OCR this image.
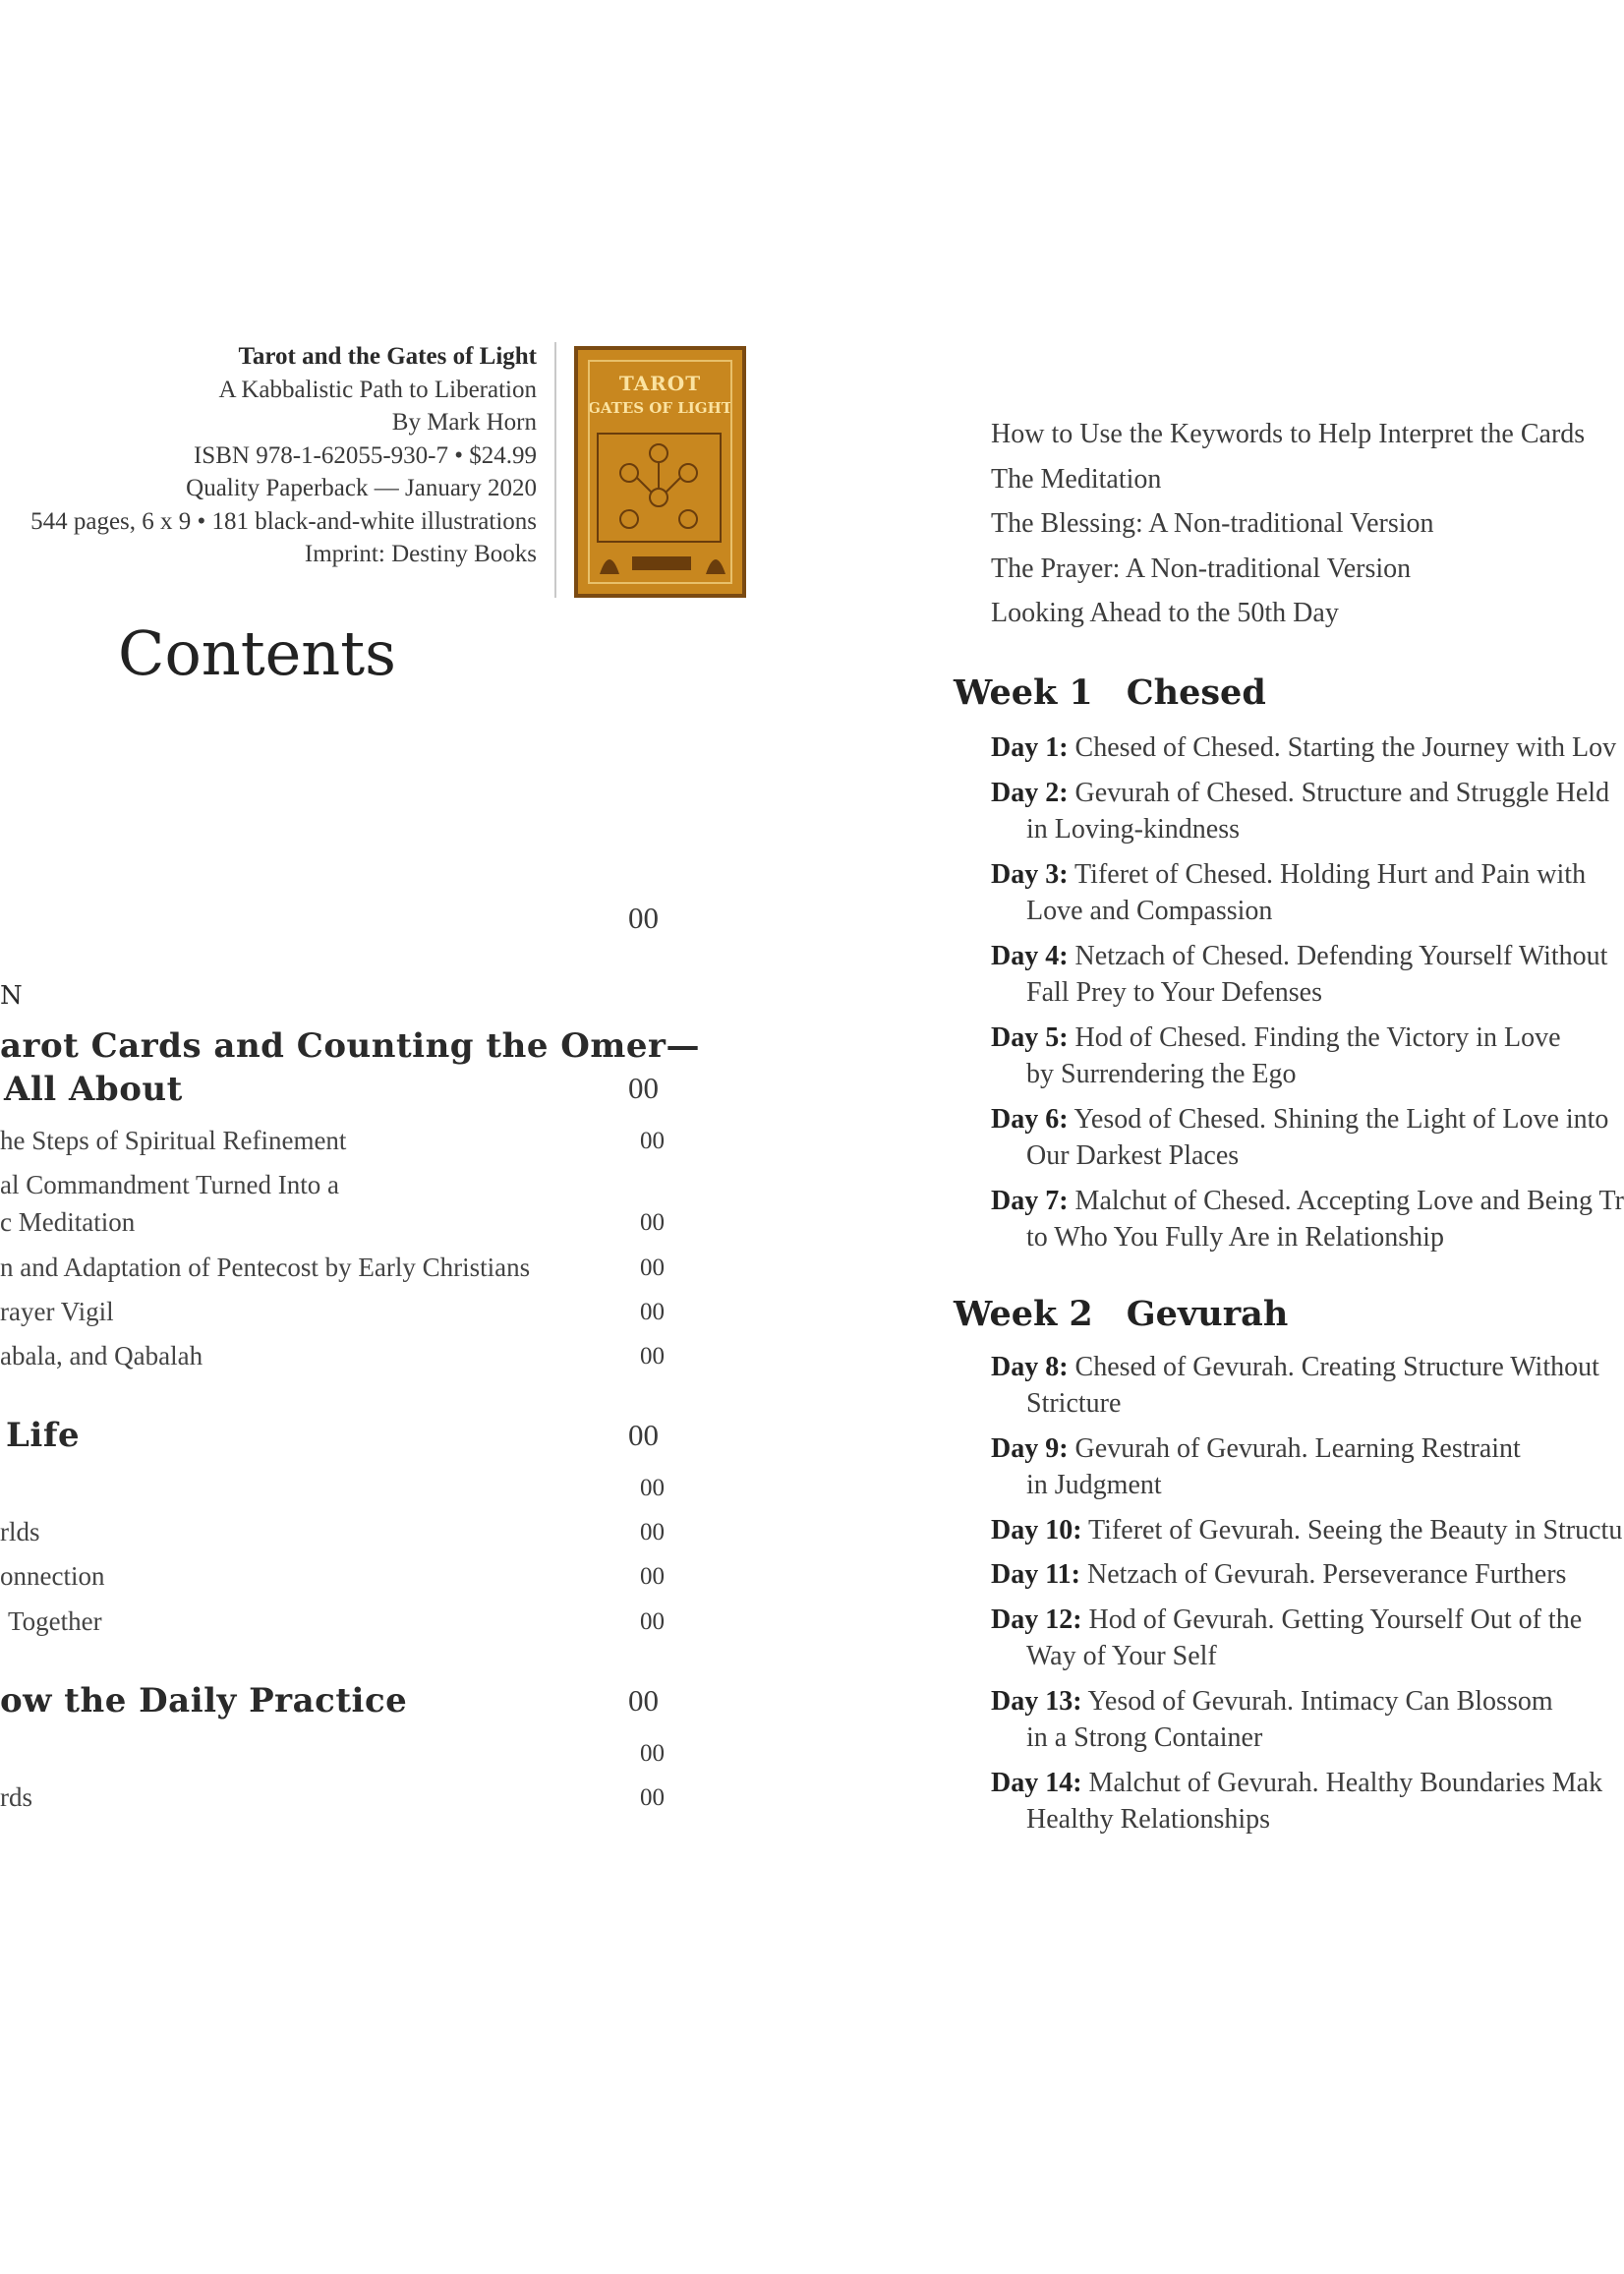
Tarot and the Gates of Light
A Kabbalistic Path to Liberation
By Mark Horn
ISBN 978-1-62055-930-7 • $24.99
Quality Paperback — January 2020
544 pages, 6 x 9 • 181 black-and-white illustrations
Imprint: Destiny Books
TAROT
GATES OF LIGHT
Contents
00
N
arot Cards and Counting the Omer—
All About	00
he Steps of Spiritual Refinement	00
al Commandment Turned Into a
c Meditation	00
n and Adaptation of Pentecost by Early Christians	00
rayer Vigil	00
abala, and Qabalah	00
Life	00
00
rlds	00
onnection	00
Together	00
ow the Daily Practice	00
00
rds	00
How to Use the Keywords to Help Interpret the Cards
The Meditation
The Blessing: A Non-traditional Version
The Prayer: A Non-traditional Version
Looking Ahead to the 50th Day
Week 1 Chesed
Day 1: Chesed of Chesed. Starting the Journey with Lov
Day 2: Gevurah of Chesed. Structure and Struggle Held
in Loving-kindness
Day 3: Tiferet of Chesed. Holding Hurt and Pain with
Love and Compassion
Day 4: Netzach of Chesed. Defending Yourself Without
Fall Prey to Your Defenses
Day 5: Hod of Chesed. Finding the Victory in Love
by Surrendering the Ego
Day 6: Yesod of Chesed. Shining the Light of Love into
Our Darkest Places
Day 7: Malchut of Chesed. Accepting Love and Being Tr
to Who You Fully Are in Relationship
Week 2 Gevurah
Day 8: Chesed of Gevurah. Creating Structure Without
Stricture
Day 9: Gevurah of Gevurah. Learning Restraint
in Judgment
Day 10: Tiferet of Gevurah. Seeing the Beauty in Structu
Day 11: Netzach of Gevurah. Perseverance Furthers
Day 12: Hod of Gevurah. Getting Yourself Out of the
Way of Your Self
Day 13: Yesod of Gevurah. Intimacy Can Blossom
in a Strong Container
Day 14: Malchut of Gevurah. Healthy Boundaries Mak
Healthy Relationships
